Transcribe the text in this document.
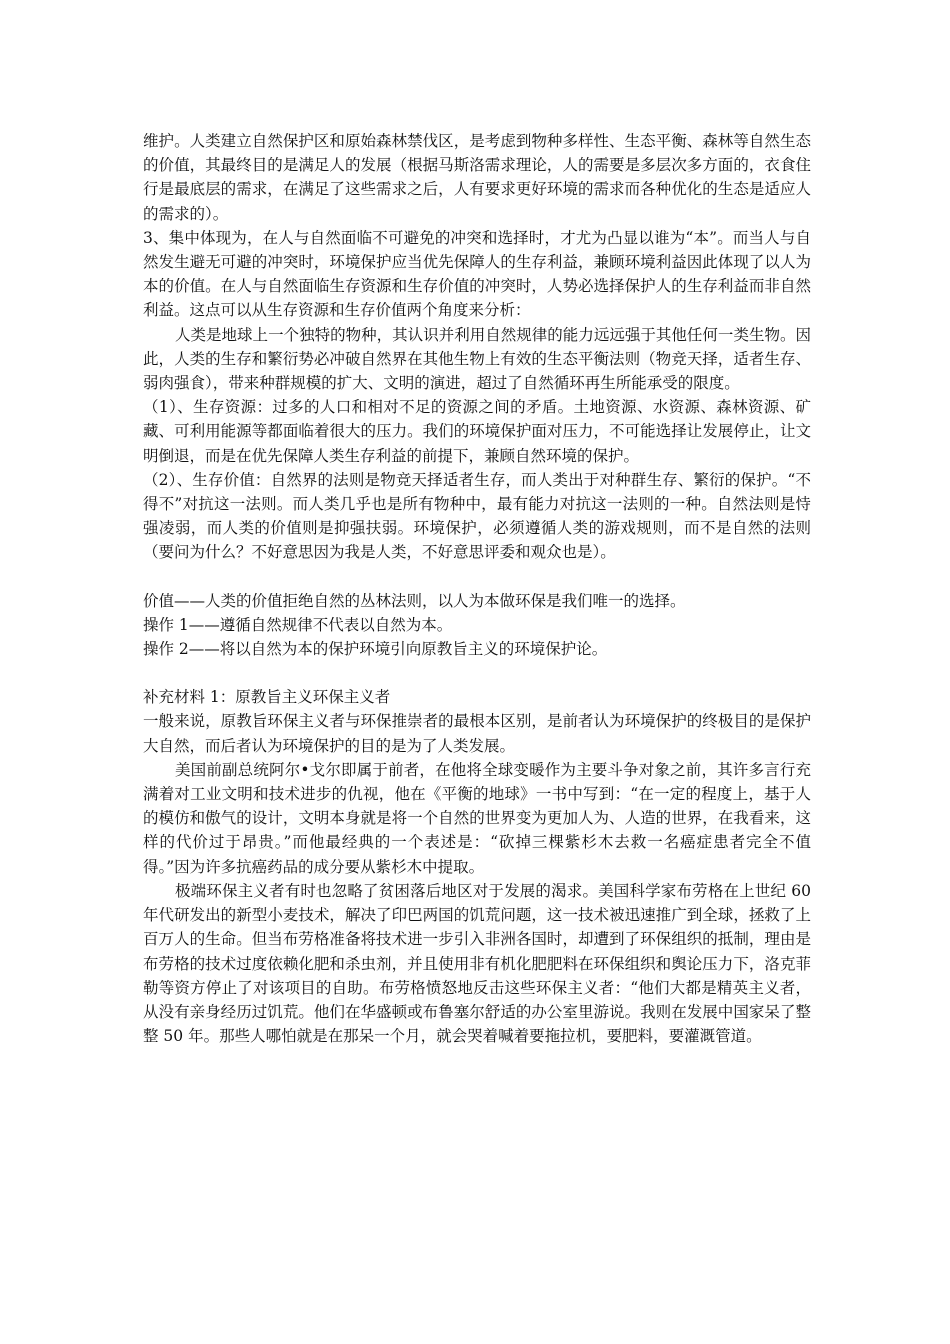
维护。人类建立自然保护区和原始森林禁伐区，是考虑到物种多样性、生态平衡、森林等自然生态的价值，其最终目的是满足人的发展（根据马斯洛需求理论，人的需要是多层次多方面的，衣食住行是最底层的需求，在满足了这些需求之后，人有要求更好环境的需求而各种优化的生态是适应人的需求的）。

3、集中体现为，在人与自然面临不可避免的冲突和选择时，才尤为凸显以谁为“本”。而当人与自然发生避无可避的冲突时，环境保护应当优先保障人的生存利益，兼顾环境利益因此体现了以人为本的价值。在人与自然面临生存资源和生存价值的冲突时，人势必选择保护人的生存利益而非自然利益。这点可以从生存资源和生存价值两个角度来分析：

人类是地球上一个独特的物种，其认识并利用自然规律的能力远远强于其他任何一类生物。因此，人类的生存和繁衍势必冲破自然界在其他生物上有效的生态平衡法则（物竞天择，适者生存、弱肉强食），带来种群规模的扩大、文明的演进，超过了自然循环再生所能承受的限度。

（1）、生存资源：过多的人口和相对不足的资源之间的矛盾。土地资源、水资源、森林资源、矿藏、可利用能源等都面临着很大的压力。我们的环境保护面对压力，不可能选择让发展停止，让文明倒退，而是在优先保障人类生存利益的前提下，兼顾自然环境的保护。

（2）、生存价值：自然界的法则是物竞天择适者生存，而人类出于对种群生存、繁衍的保护。“不得不”对抗这一法则。而人类几乎也是所有物种中，最有能力对抗这一法则的一种。自然法则是恃强凌弱，而人类的价值则是抑强扶弱。环境保护，必须遵循人类的游戏规则，而不是自然的法则（要问为什么？不好意思因为我是人类，不好意思评委和观众也是）。

价值——人类的价值拒绝自然的丛林法则，以人为本做环保是我们唯一的选择。

操作 1——遵循自然规律不代表以自然为本。

操作 2——将以自然为本的保护环境引向原教旨主义的环境保护论。

补充材料 1：原教旨主义环保主义者

一般来说，原教旨环保主义者与环保推崇者的最根本区别，是前者认为环境保护的终极目的是保护大自然，而后者认为环境保护的目的是为了人类发展。

美国前副总统阿尔•戈尔即属于前者，在他将全球变暖作为主要斗争对象之前，其许多言行充满着对工业文明和技术进步的仇视，他在《平衡的地球》一书中写到：“在一定的程度上，基于人的模仿和傲气的设计，文明本身就是将一个自然的世界变为更加人为、人造的世界，在我看来，这样的代价过于昂贵。”而他最经典的一个表述是：“砍掉三棵紫杉木去救一名癌症患者完全不值得。”因为许多抗癌药品的成分要从紫杉木中提取。

极端环保主义者有时也忽略了贫困落后地区对于发展的渴求。美国科学家布劳格在上世纪 60 年代研发出的新型小麦技术，解决了印巴两国的饥荒问题，这一技术被迅速推广到全球，拯救了上百万人的生命。但当布劳格准备将技术进一步引入非洲各国时，却遭到了环保组织的抵制，理由是布劳格的技术过度依赖化肥和杀虫剂，并且使用非有机化肥肥料在环保组织和舆论压力下，洛克菲勒等资方停止了对该项目的自助。布劳格愤怒地反击这些环保主义者：“他们大都是精英主义者，从没有亲身经历过饥荒。他们在华盛顿或布鲁塞尔舒适的办公室里游说。我则在发展中国家呆了整整 50 年。那些人哪怕就是在那呆一个月，就会哭着喊着要拖拉机，要肥料，要灌溉管道。
